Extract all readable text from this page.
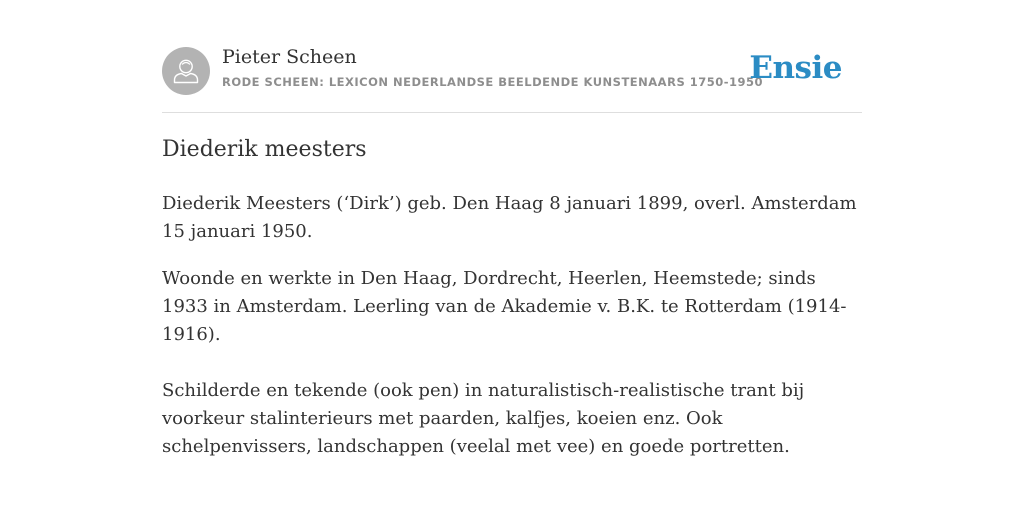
Pieter Scheen
RODE SCHEEN: LEXICON NEDERLANDSE BEELDENDE KUNSTENAARS 1750-1950
Ensie
Diederik meesters

Diederik Meesters (‘Dirk’) geb. Den Haag 8 januari 1899, overl. Amsterdam 15 januari 1950.

Woonde en werkte in Den Haag, Dordrecht, Heerlen, Heemstede; sinds 1933 in Amsterdam. Leerling van de Akademie v. B.K. te Rotterdam (1914-1916).

Schilderde en tekende (ook pen) in naturalistisch-realistische trant bij voorkeur stalinterieurs met paarden, kalfjes, koeien enz. Ook schelpenvissers, landschappen (veelal met vee) en goede portretten.
